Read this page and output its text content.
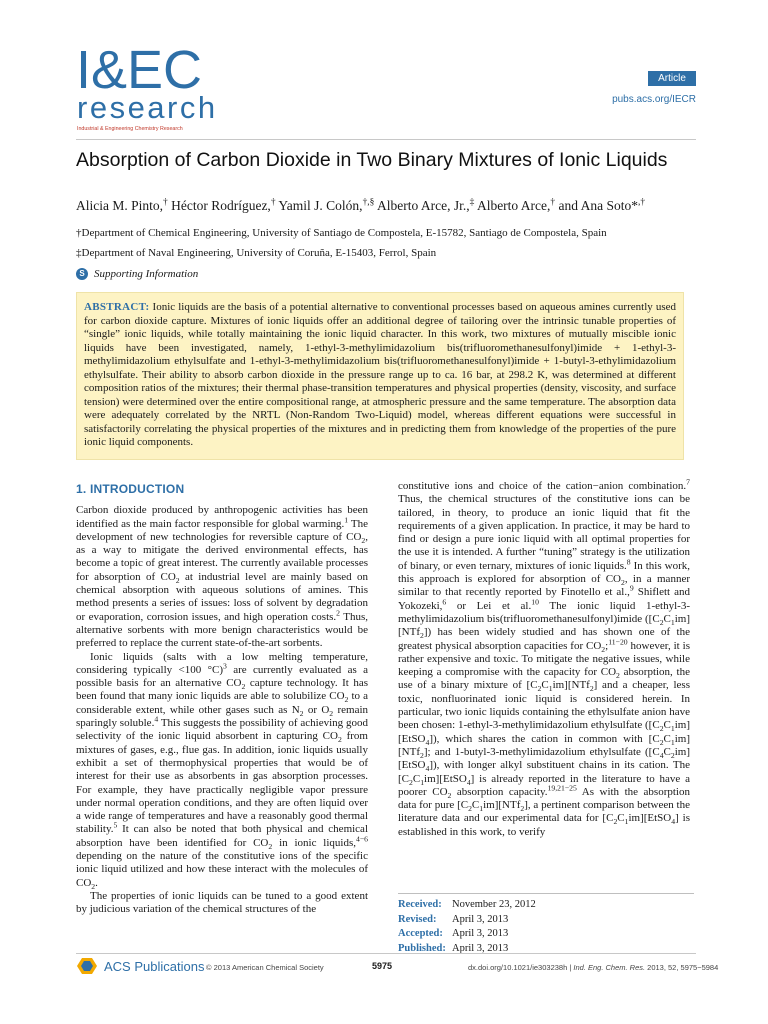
I&EC
research
Industrial & Engineering Chemistry Research
Article
pubs.acs.org/IECR
Absorption of Carbon Dioxide in Two Binary Mixtures of Ionic Liquids
Alicia M. Pinto,† Héctor Rodríguez,† Yamil J. Colón,†,§ Alberto Arce, Jr.,‡ Alberto Arce,† and Ana Soto*,†
†Department of Chemical Engineering, University of Santiago de Compostela, E-15782, Santiago de Compostela, Spain
‡Department of Naval Engineering, University of Coruña, E-15403, Ferrol, Spain
S Supporting Information
ABSTRACT: Ionic liquids are the basis of a potential alternative to conventional processes based on aqueous amines currently used for carbon dioxide capture. Mixtures of ionic liquids offer an additional degree of tailoring over the intrinsic tunable properties of “single” ionic liquids, while totally maintaining the ionic liquid character. In this work, two mixtures of mutually miscible ionic liquids have been investigated, namely, 1-ethyl-3-methylimidazolium bis(trifluoromethanesulfonyl)imide + 1-ethyl-3-methylimidazolium ethylsulfate and 1-ethyl-3-methylimidazolium bis(trifluoromethanesulfonyl)imide + 1-butyl-3-ethylimidazolium ethylsulfate. Their ability to absorb carbon dioxide in the pressure range up to ca. 16 bar, at 298.2 K, was determined at different composition ratios of the mixtures; their thermal phase-transition temperatures and physical properties (density, viscosity, and surface tension) were determined over the entire compositional range, at atmospheric pressure and the same temperature. The absorption data were adequately correlated by the NRTL (Non-Random Two-Liquid) model, whereas different equations were successful in satisfactorily correlating the physical properties of the mixtures and in predicting them from knowledge of the properties of the pure ionic liquid components.
1. INTRODUCTION

Carbon dioxide produced by anthropogenic activities has been identified as the main factor responsible for global warming.$^1$ The development of new technologies for reversible capture of $CO_2$, as a way to mitigate the derived environmental effects, has become a topic of great interest. The currently available processes for absorption of $CO_2$ at industrial level are mainly based on chemical absorption with aqueous solutions of amines. This method presents a series of issues: loss of solvent by degradation or evaporation, corrosion issues, and high operation costs.$^2$ Thus, alternative sorbents with more benign characteristics would be preferred to replace the current state-of-the-art sorbents.

Ionic liquids (salts with a low melting temperature, considering typically <100 °C)$^3$ are currently evaluated as a possible basis for an alternative $CO_2$ capture technology. It has been found that many ionic liquids are able to solubilize $CO_2$ to a considerable extent, while other gases such as $N_2$ or $O_2$ remain sparingly soluble.$^4$ This suggests the possibility of achieving good selectivity of the ionic liquid absorbent in capturing $CO_2$ from mixtures of gases, e.g., flue gas. In addition, ionic liquids usually exhibit a set of thermophysical properties that would be of interest for their use as absorbents in gas absorption processes. For example, they have practically negligible vapor pressure under normal operation conditions, and they are often liquid over a wide range of temperatures and have a reasonably good thermal stability.$^5$ It can also be noted that both physical and chemical absorption have been identified for $CO_2$ in ionic liquids,$^{4-6}$ depending on the nature of the constitutive ions of the specific ionic liquid utilized and how these interact with the molecules of $CO_2$.

The properties of ionic liquids can be tuned to a good extent by judicious variation of the chemical structures of the

constitutive ions and choice of the cation−anion combination.$^7$ Thus, the chemical structures of the constitutive ions can be tailored, in theory, to produce an ionic liquid that fit the requirements of a given application. In practice, it may be hard to find or design a pure ionic liquid with all optimal properties for the use it is intended. A further “tuning” strategy is the utilization of binary, or even ternary, mixtures of ionic liquids.$^8$ In this work, this approach is explored for absorption of $CO_2$, in a manner similar to that recently reported by Finotello et al.,$^9$ Shiflett and Yokozeki,$^6$ or Lei et al.$^{10}$ The ionic liquid 1-ethyl-3-methylimidazolium bis(trifluoromethanesulfonyl)imide $([C_2C_1im][NTf_2])$ has been widely studied and has shown one of the greatest physical absorption capacities for $CO_2;^{11-20}$ however, it is rather expensive and toxic. To mitigate the negative issues, while keeping a compromise with the capacity for $CO_2$ absorption, the use of a binary mixture of $[C_2C_1im][NTf_2]$ and a cheaper, less toxic, nonfluorinated ionic liquid is considered herein. In particular, two ionic liquids containing the ethylsulfate anion have been chosen: 1-ethyl-3-methylimidazolium ethylsulfate $([C_2C_1im][EtSO_4])$, which shares the cation in common with $[C_2C_1im][NTf_2]$; and 1-butyl-3-methylimidazolium ethylsulfate $([C_4C_2im][EtSO_4])$, with longer alkyl substituent chains in its cation. The $[C_2C_1im][EtSO_4]$ is already reported in the literature to have a poorer $CO_2$ absorption capacity.$^{19,21-25}$ As with the absorption data for pure $[C_2C_1im][NTf_2]$, a pertinent comparison between the literature data and our experimental data for $[C_2C_1im][EtSO_4]$ is established in this work, to verify

Received: November 23, 2012
Revised:	April 3, 2013
Accepted: April 3, 2013
Published: April 3, 2013
ACS Publications © 2013 American Chemical Society	5975	dx.doi.org/10.1021/ie303238h | Ind. Eng. Chem. Res. 2013, 52, 5975−5984
